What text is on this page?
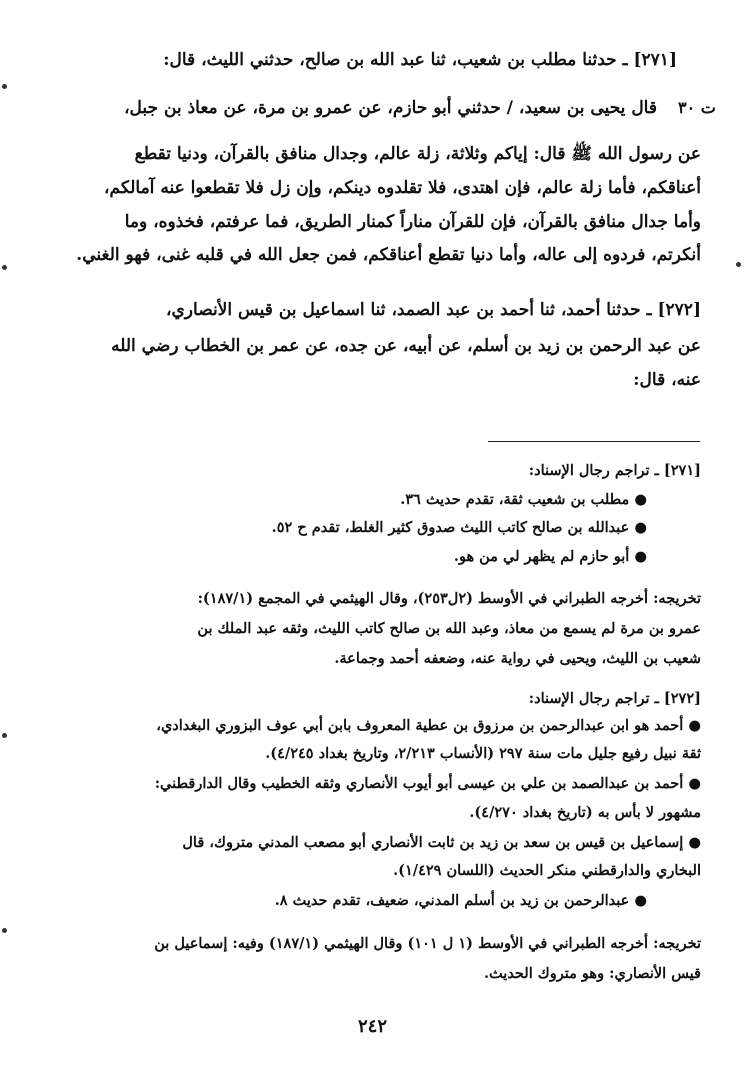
ت ٣٠
[٢٧١] ـ حدثنا مطلب بن شعيب، ثنا عبد الله بن صالح، حدثني الليث، قال:
قال يحيى بن سعيد، / حدثني أبو حازم، عن عمرو بن مرة، عن معاذ بن جبل،
عن رسول الله ﷺ قال: إياكم وثلاثة، زلة عالم، وجدال منافق بالقرآن، ودنيا تقطع
أعناقكم، فأما زلة عالم، فإن اهتدى، فلا تقلدوه دينكم، وإن زل فلا تقطعوا عنه آمالكم،
وأما جدال منافق بالقرآن، فإن للقرآن مناراً كمنار الطريق، فما عرفتم، فخذوه، وما
أنكرتم، فردوه إلى عاله، وأما دنيا تقطع أعناقكم، فمن جعل الله في قلبه غنى، فهو الغني.
[٢٧٢] ـ حدثنا أحمد، ثنا أحمد بن عبد الصمد، ثنا اسماعيل بن قيس الأنصاري،
عن عبد الرحمن بن زيد بن أسلم، عن أبيه، عن جده، عن عمر بن الخطاب رضي الله
عنه، قال:
[٢٧١] ـ تراجم رجال الإسناد:
● مطلب بن شعيب ثقة، تقدم حديث ٣٦.
● عبدالله بن صالح كاتب الليث صدوق كثير الغلط، تقدم ح ٥٢.
● أبو حازم لم يظهر لي من هو.
تخريجه: أخرجه الطبراني في الأوسط (٢ل٢٥٣)، وقال الهيثمي في المجمع (١٨٧/١):
عمرو بن مرة لم يسمع من معاذ، وعبد الله بن صالح كاتب الليث، وثقه عبد الملك بن
شعيب بن الليث، ويحيى في رواية عنه، وضعفه أحمد وجماعة.
[٢٧٢] ـ تراجم رجال الإسناد:
● أحمد هو ابن عبدالرحمن بن مرزوق بن عطية المعروف بابن أبي عوف البزوري البغدادي،
ثقة نبيل رفيع جليل مات سنة ٢٩٧ (الأنساب ٢/٢١٣، وتاريخ بغداد ٤/٢٤٥).
● أحمد بن عبدالصمد بن علي بن عيسى أبو أيوب الأنصاري وثقه الخطيب وقال الدارقطني:
مشهور لا بأس به (تاريخ بغداد ٤/٢٧٠).
● إسماعيل بن قيس بن سعد بن زيد بن ثابت الأنصاري أبو مصعب المدني متروك، قال
البخاري والدارقطني منكر الحديث (اللسان ١/٤٢٩).
● عبدالرحمن بن زيد بن أسلم المدني، ضعيف، تقدم حديث ٨.
تخريجه: أخرجه الطبراني في الأوسط (١ ل ١٠١) وقال الهيثمي (١٨٧/١) وفيه: إسماعيل بن
قيس الأنصاري: وهو متروك الحديث.
٢٤٢
